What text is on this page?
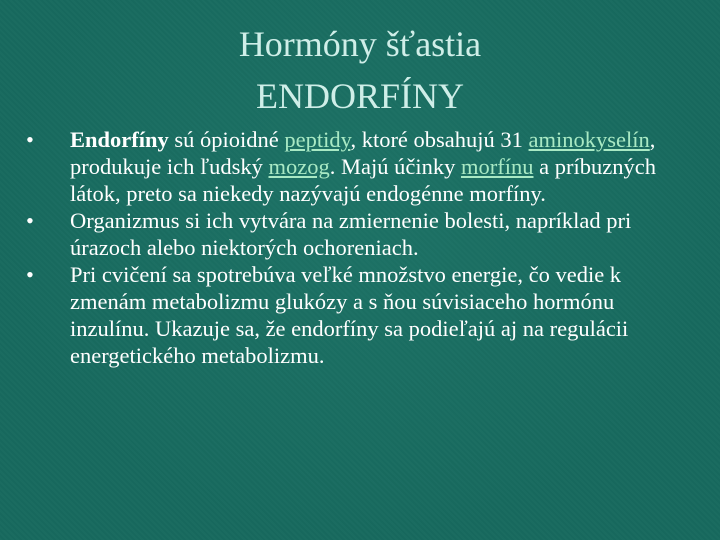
Hormóny šťastia
ENDORFÍNY

•	Endorfíny sú ópioidné peptidy, ktoré obsahujú 31 aminokyselín, produkuje ich ľudský mozog. Majú účinky morfínu a príbuzných látok, preto sa niekedy nazývajú endogénne morfíny.

•	Organizmus si ich vytvára na zmiernenie bolesti, napríklad pri úrazoch alebo niektorých ochoreniach.

•	Pri cvičení sa spotrebúva veľké množstvo energie, čo vedie k zmenám metabolizmu glukózy a s ňou súvisiaceho hormónu inzulínu. Ukazuje sa, že endorfíny sa podieľajú aj na regulácii energetického metabolizmu.
